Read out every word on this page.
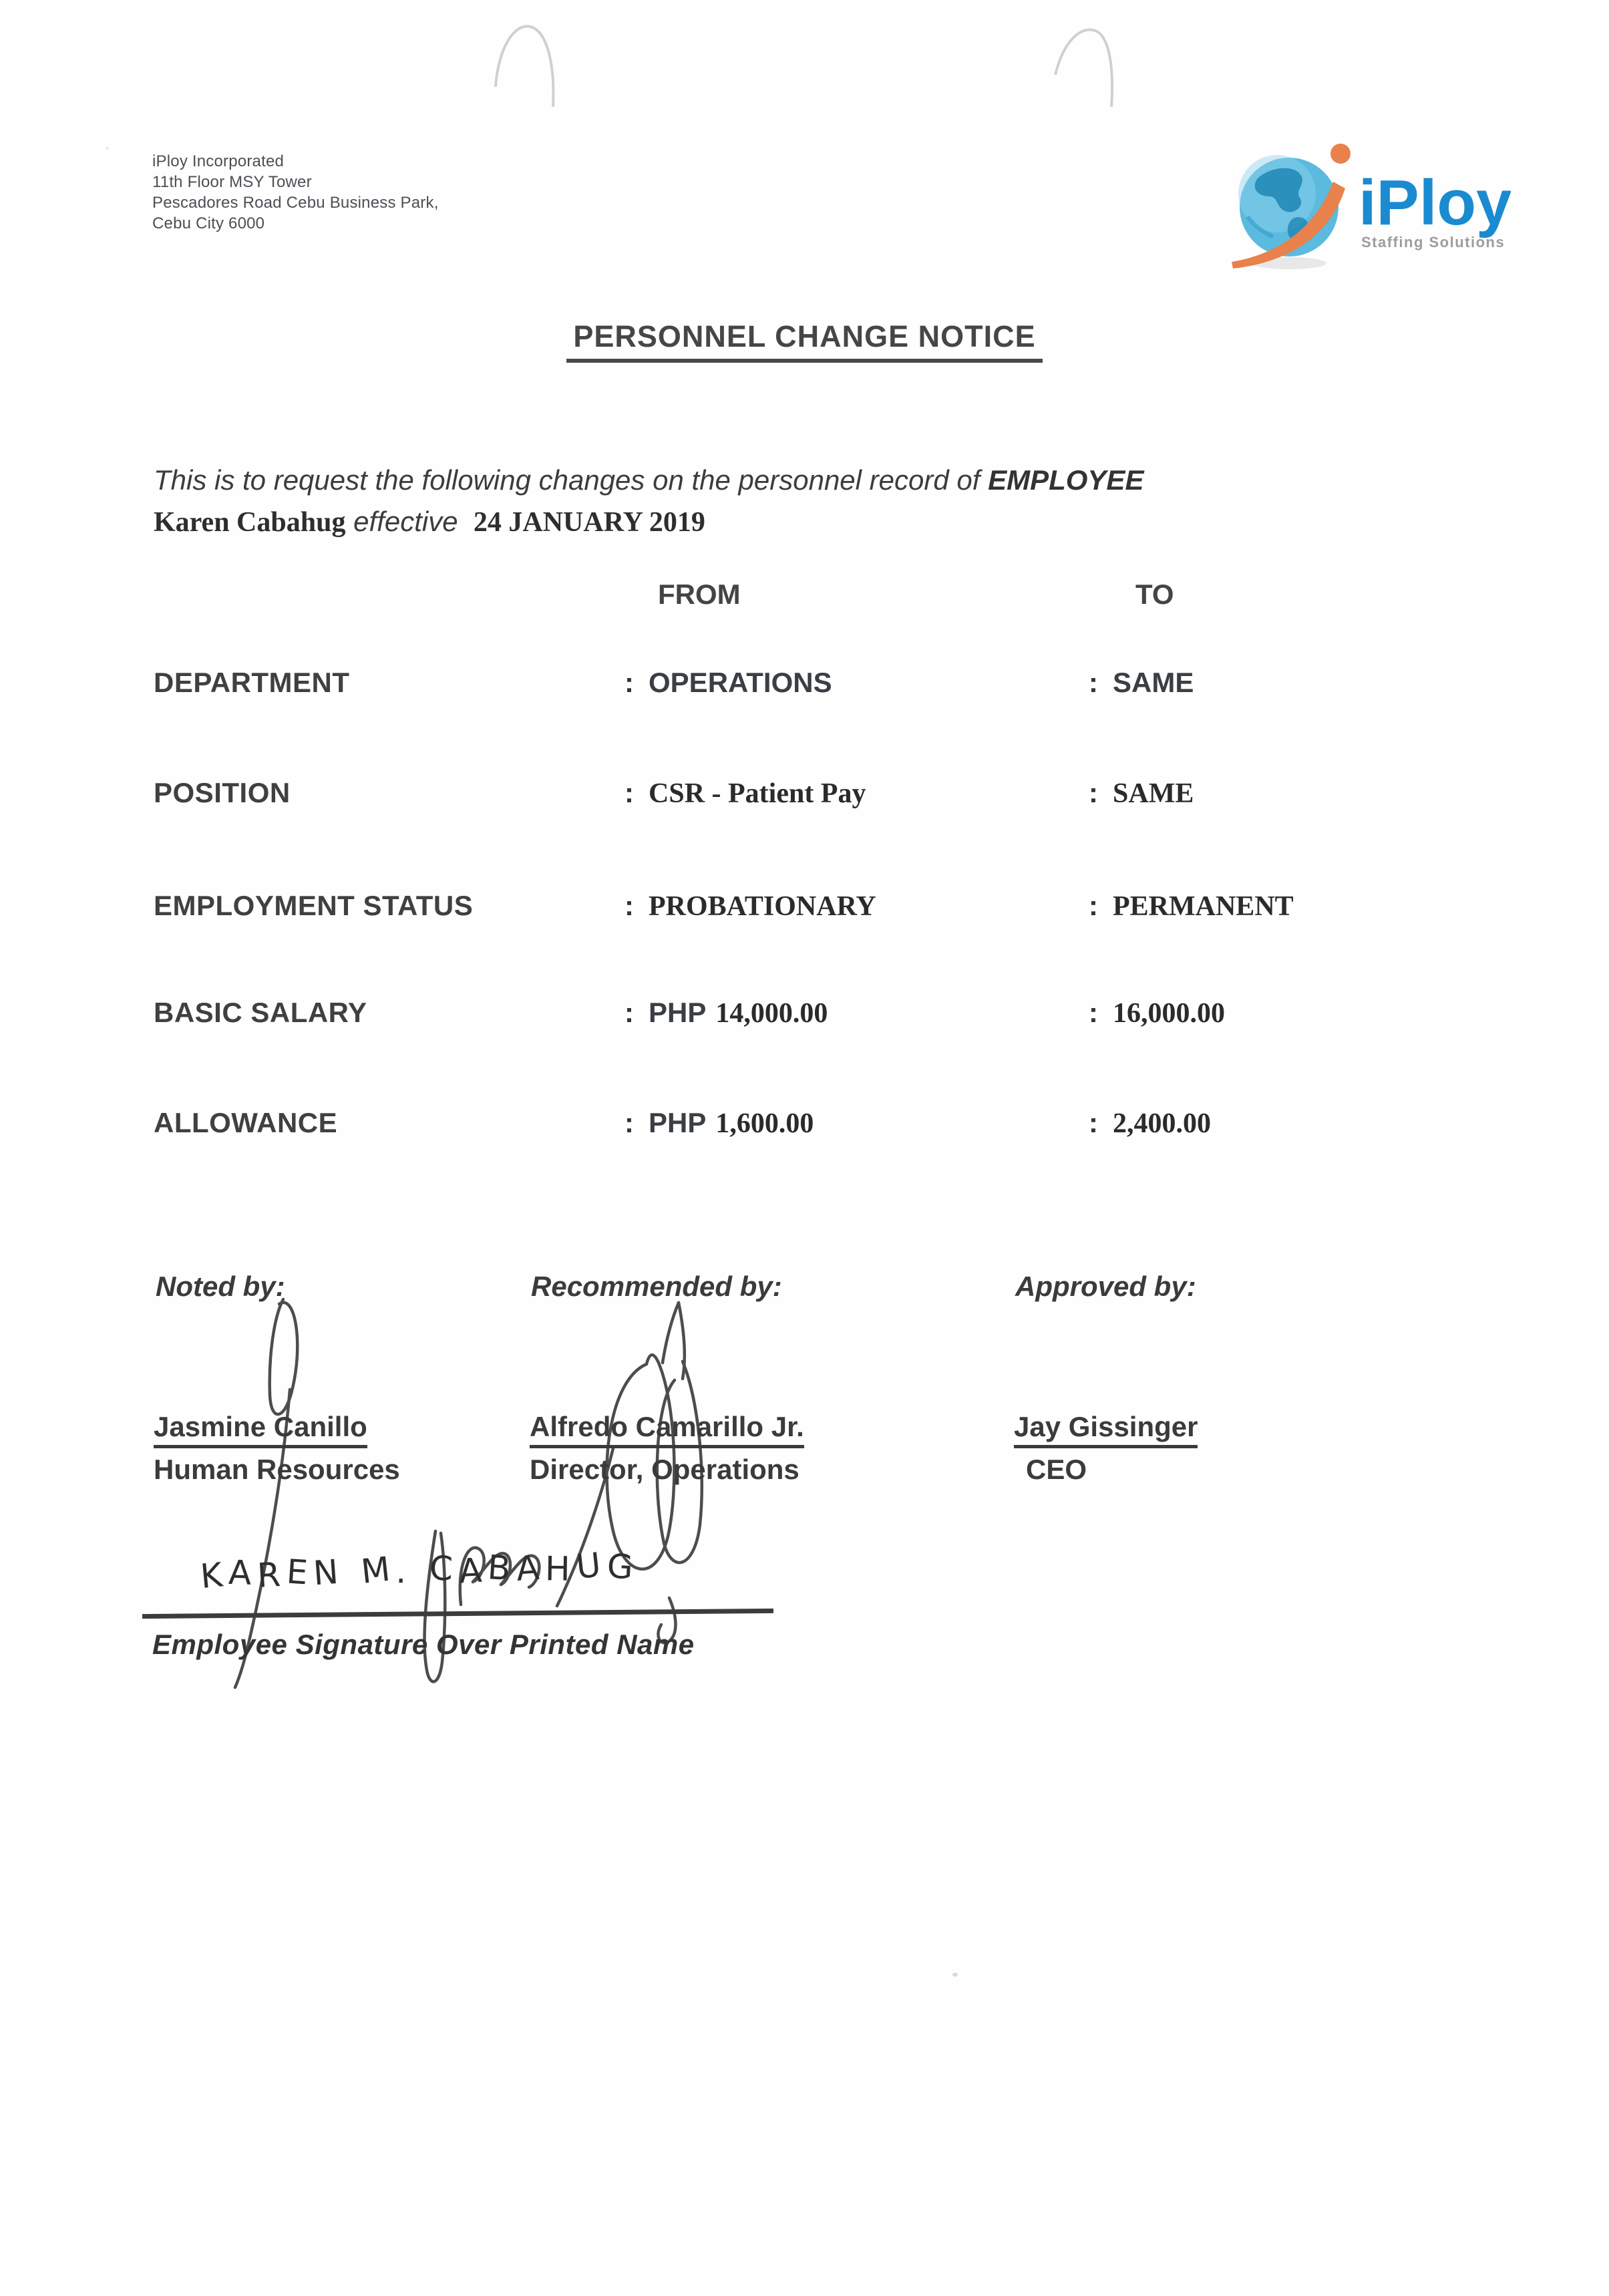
iPloy Incorporated
11th Floor MSY Tower
Pescadores Road Cebu Business Park,
Cebu City 6000	iPloy
Staffing Solutions
PERSONNEL CHANGE NOTICE
This is to request the following changes on the personnel record of EMPLOYEE
Karen Cabahug effective  24 JANUARY 2019
FROM	TO
DEPARTMENT	: OPERATIONS	: SAME
POSITION	: CSR - Patient Pay	: SAME
EMPLOYMENT STATUS	: PROBATIONARY	: PERMANENT
BASIC SALARY	: PHP 14,000.00	: 16,000.00
ALLOWANCE	: PHP 1,600.00	: 2,400.00
Noted by:	Recommended by:	Approved by:
Jasmine Canillo	Alfredo Camarillo Jr.	Jay Gissinger
Human Resources	Director, Operations	CEO
KAREN M. CABAHUG
Employee Signature Over Printed Name
